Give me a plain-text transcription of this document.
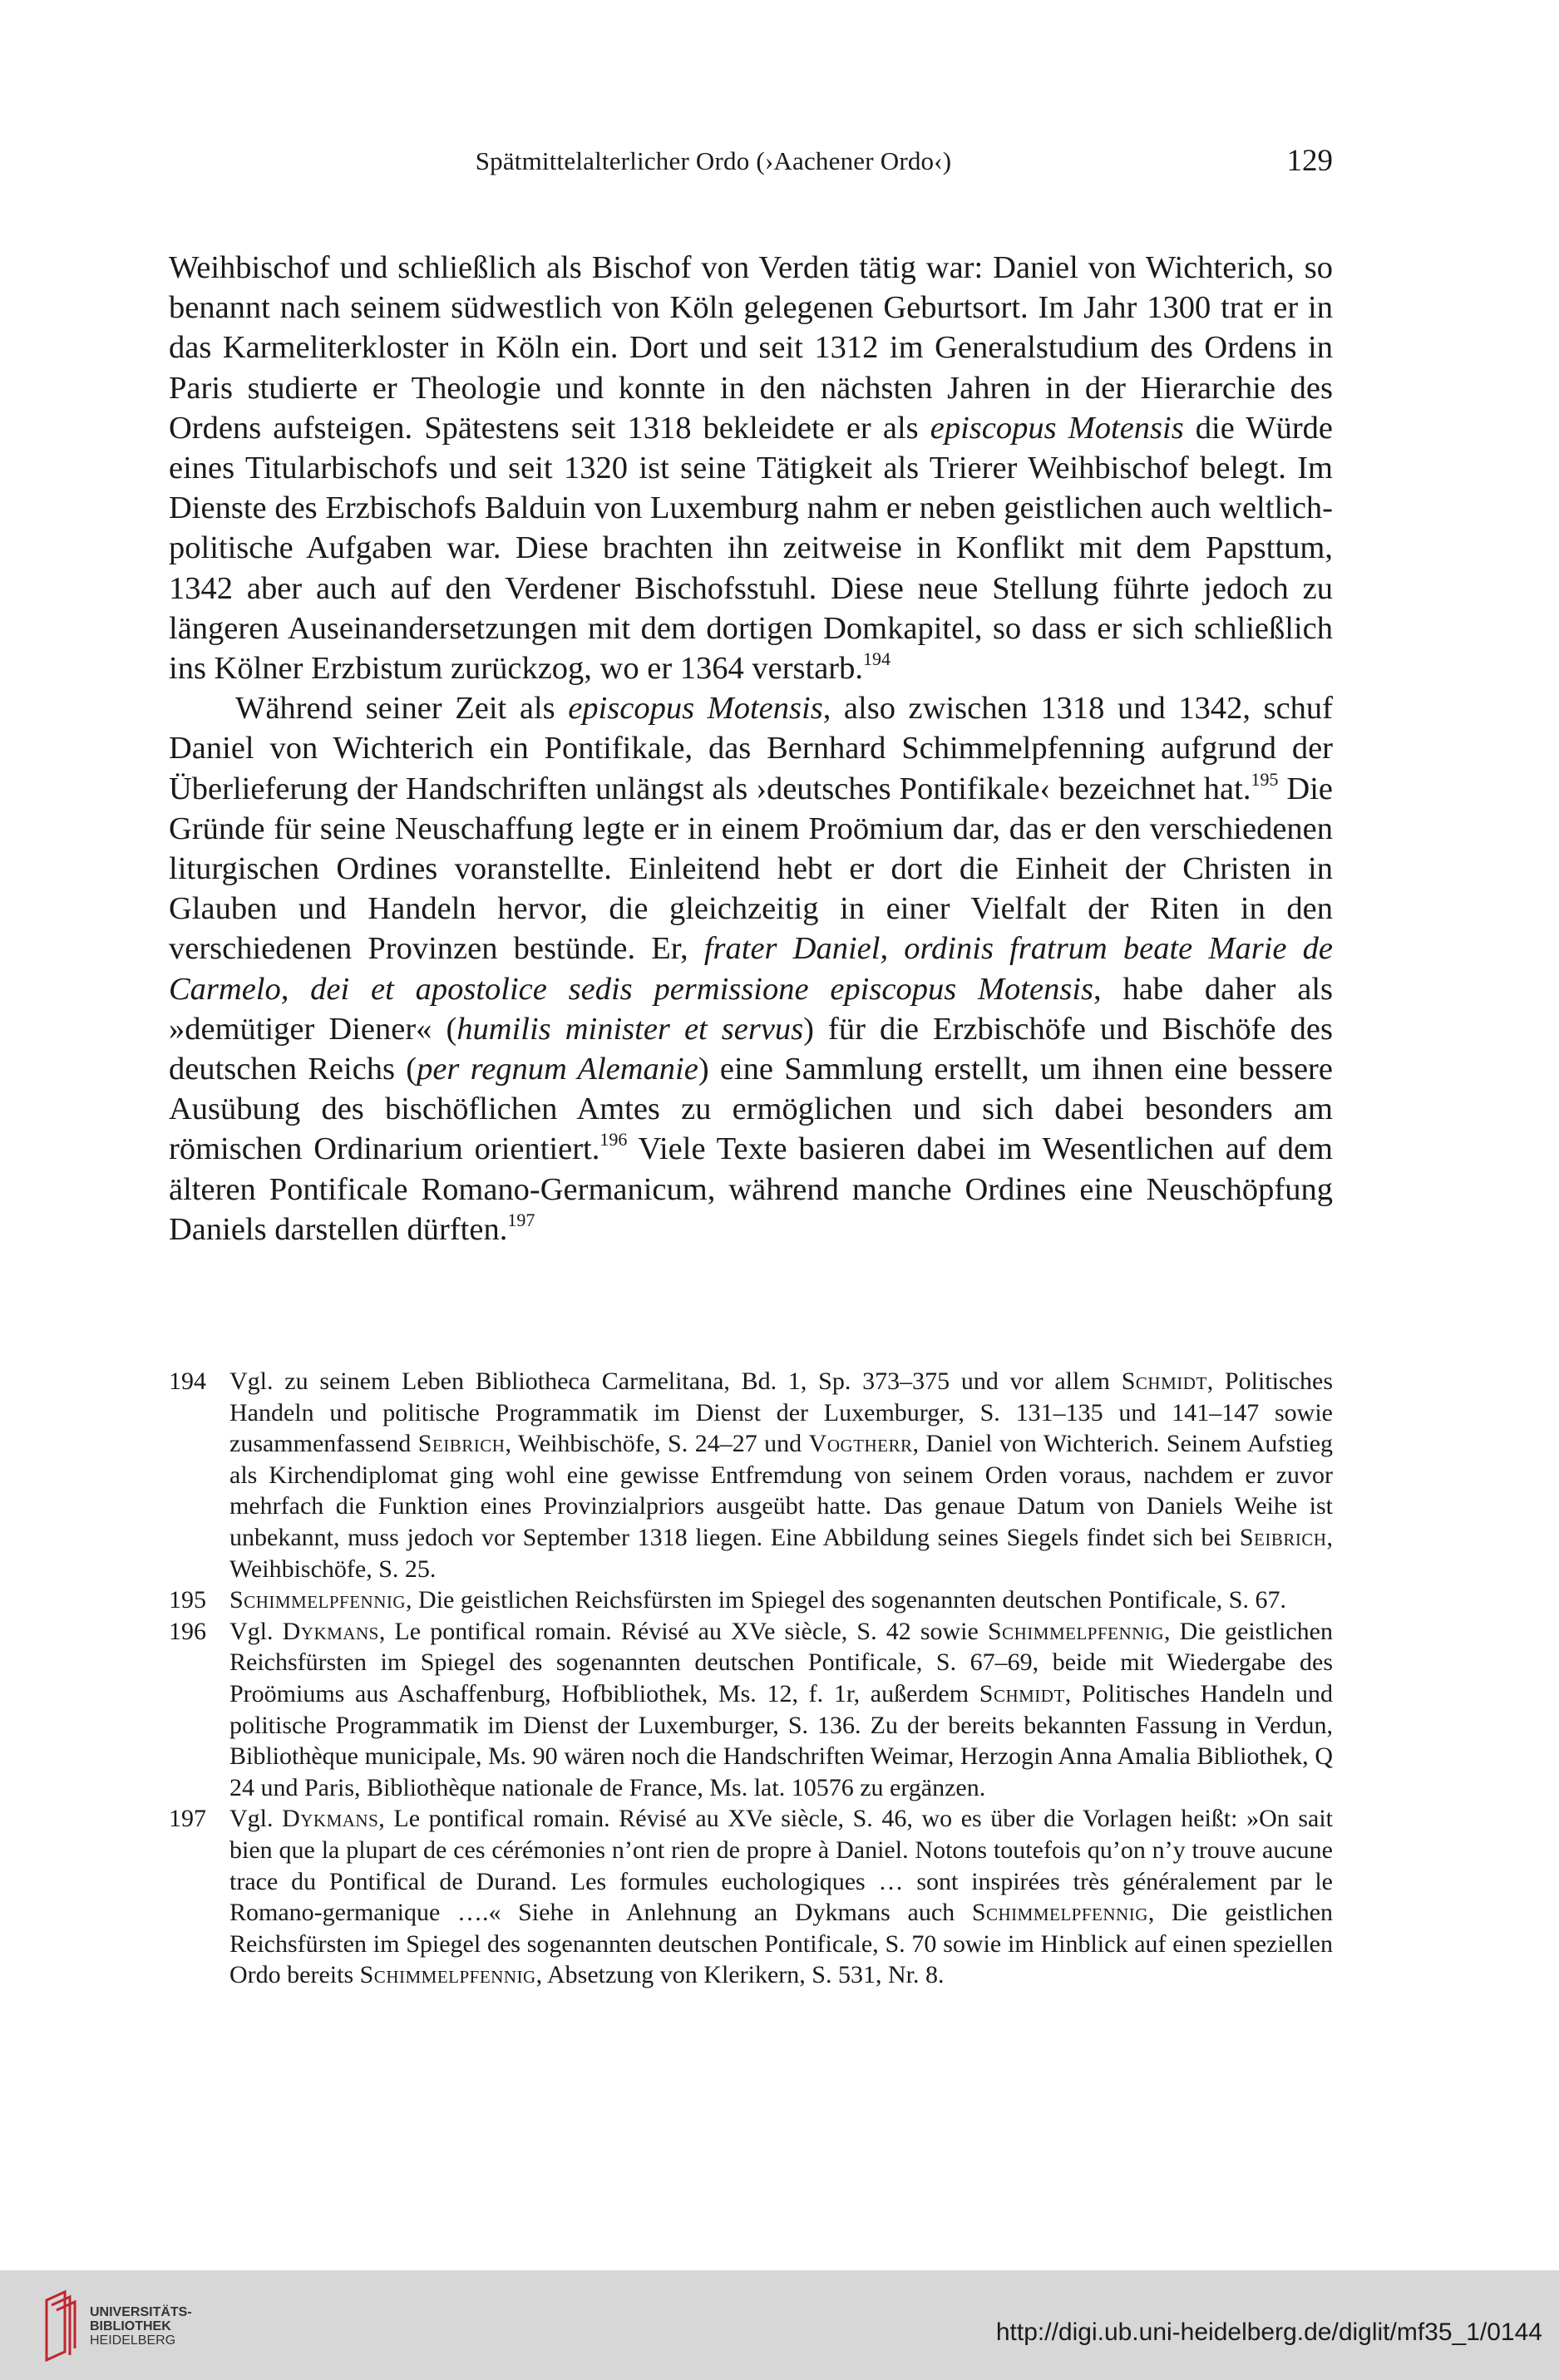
Spätmittelalterlicher Ordo (›Aachener Ordo‹)	129

Weihbischof und schließlich als Bischof von Verden tätig war: Daniel von Wichterich, so benannt nach seinem südwestlich von Köln gelegenen Geburtsort. Im Jahr 1300 trat er in das Karmeliterkloster in Köln ein. Dort und seit 1312 im Generalstudium des Ordens in Paris studierte er Theologie und konnte in den nächsten Jahren in der Hierarchie des Ordens aufsteigen. Spätestens seit 1318 bekleidete er als episcopus Motensis die Würde eines Titularbischofs und seit 1320 ist seine Tätigkeit als Trierer Weihbischof belegt. Im Dienste des Erzbischofs Balduin von Luxemburg nahm er neben geistlichen auch weltlich-politische Aufgaben war. Diese brachten ihn zeitweise in Konflikt mit dem Papsttum, 1342 aber auch auf den Verdener Bischofsstuhl. Diese neue Stellung führte jedoch zu längeren Auseinandersetzungen mit dem dortigen Domkapitel, so dass er sich schließlich ins Kölner Erzbistum zurückzog, wo er 1364 verstarb.$^{194}$

Während seiner Zeit als episcopus Motensis, also zwischen 1318 und 1342, schuf Daniel von Wichterich ein Pontifikale, das Bernhard Schimmelpfenning aufgrund der Überlieferung der Handschriften unlängst als ›deutsches Pontifikale‹ bezeichnet hat.$^{195}$ Die Gründe für seine Neuschaffung legte er in einem Proömium dar, das er den verschiedenen liturgischen Ordines voranstellte. Einleitend hebt er dort die Einheit der Christen in Glauben und Handeln hervor, die gleichzeitig in einer Vielfalt der Riten in den verschiedenen Provinzen bestünde. Er, frater Daniel, ordinis fratrum beate Marie de Carmelo, dei et apostolice sedis permissione episcopus Motensis, habe daher als »demütiger Diener« (humilis minister et servus) für die Erzbischöfe und Bischöfe des deutschen Reichs (per regnum Alemanie) eine Sammlung erstellt, um ihnen eine bessere Ausübung des bischöflichen Amtes zu ermöglichen und sich dabei besonders am römischen Ordinarium orientiert.$^{196}$ Viele Texte basieren dabei im Wesentlichen auf dem älteren Pontificale Romano-Germanicum, während manche Ordines eine Neuschöpfung Daniels darstellen dürften.$^{197}$

194 Vgl. zu seinem Leben Bibliotheca Carmelitana, Bd. 1, Sp. 373–375 und vor allem Schmidt, Politisches Handeln und politische Programmatik im Dienst der Luxemburger, S. 131–135 und 141–147 sowie zusammenfassend Seibrich, Weihbischöfe, S. 24–27 und Vogtherr, Daniel von Wichterich. Seinem Aufstieg als Kirchendiplomat ging wohl eine gewisse Entfremdung von seinem Orden voraus, nachdem er zuvor mehrfach die Funktion eines Provinzialpriors ausgeübt hatte. Das genaue Datum von Daniels Weihe ist unbekannt, muss jedoch vor September 1318 liegen. Eine Abbildung seines Siegels findet sich bei Seibrich, Weihbischöfe, S. 25.

195 Schimmelpfennig, Die geistlichen Reichsfürsten im Spiegel des sogenannten deutschen Pontificale, S. 67.

196 Vgl. Dykmans, Le pontifical romain. Révisé au XVe siècle, S. 42 sowie Schimmelpfennig, Die geistlichen Reichsfürsten im Spiegel des sogenannten deutschen Pontificale, S. 67–69, beide mit Wiedergabe des Proömiums aus Aschaffenburg, Hofbibliothek, Ms. 12, f. 1r, außerdem Schmidt, Politisches Handeln und politische Programmatik im Dienst der Luxemburger, S. 136. Zu der bereits bekannten Fassung in Verdun, Bibliothèque municipale, Ms. 90 wären noch die Handschriften Weimar, Herzogin Anna Amalia Bibliothek, Q 24 und Paris, Bibliothèque nationale de France, Ms. lat. 10576 zu ergänzen.

197 Vgl. Dykmans, Le pontifical romain. Révisé au XVe siècle, S. 46, wo es über die Vorlagen heißt: »On sait bien que la plupart de ces cérémonies n’ont rien de propre à Daniel. Notons toutefois qu’on n’y trouve aucune trace du Pontifical de Durand. Les formules euchologiques … sont inspirées très généralement par le Romano-germanique ….« Siehe in Anlehnung an Dykmans auch Schimmelpfennig, Die geistlichen Reichsfürsten im Spiegel des sogenannten deutschen Pontificale, S. 70 sowie im Hinblick auf einen speziellen Ordo bereits Schimmelpfennig, Absetzung von Klerikern, S. 531, Nr. 8.

UNIVERSITÄTS-
BIBLIOTHEK
HEIDELBERG	http://digi.ub.uni-heidelberg.de/diglit/mf35_1/0144
